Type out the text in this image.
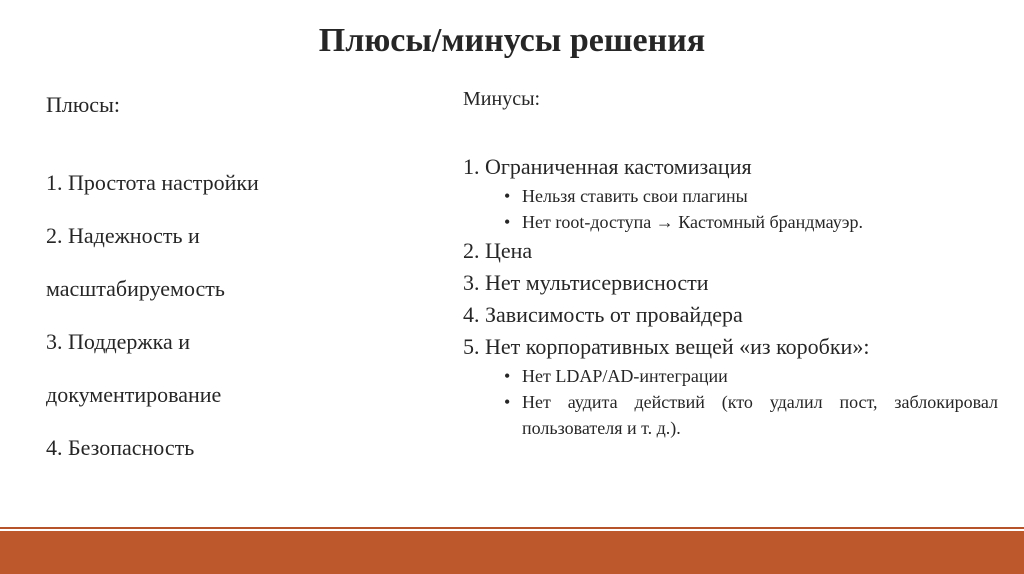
Плюсы/минусы решения
Плюсы:
1. Простота настройки
2. Надежность и
масштабируемость
3. Поддержка и
документирование
4. Безопасность
Минусы:
1. Ограниченная кастомизация
• Нельзя ставить свои плагины
• Нет root-доступа → Кастомный брандмауэр.
2. Цена
3. Нет мультисервисности
4. Зависимость от провайдера
5. Нет корпоративных вещей «из коробки»:
• Нет LDAP/AD-интеграции
• Нет аудита действий (кто удалил пост, заблокировал пользователя и т. д.).
